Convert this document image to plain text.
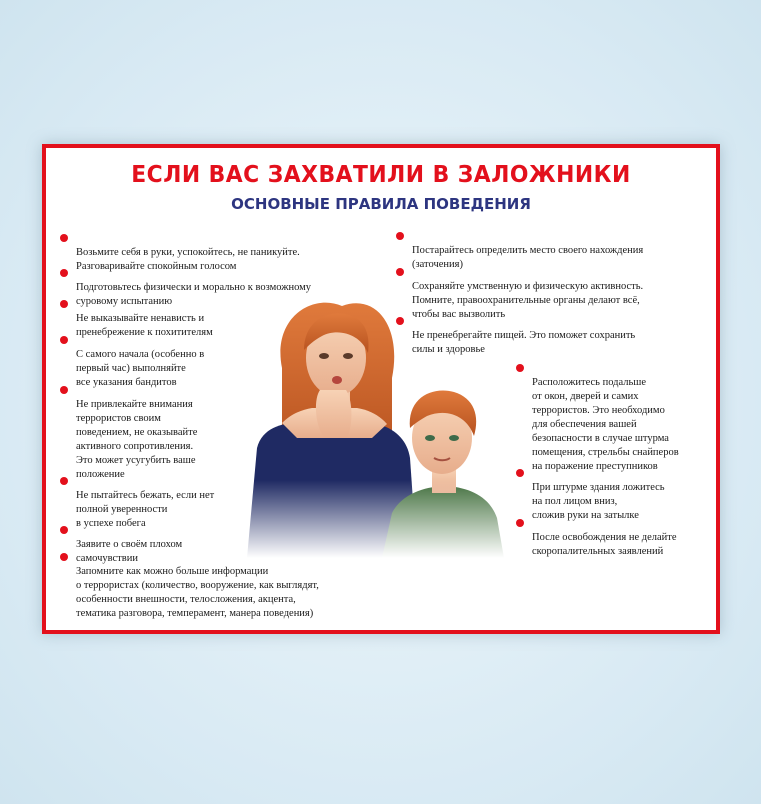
ЕСЛИ ВАС ЗАХВАТИЛИ В ЗАЛОЖНИКИ
ОСНОВНЫЕ ПРАВИЛА ПОВЕДЕНИЯ

Возьмите себя в руки, успокойтесь, не паникуйте.
Разговаривайте спокойным голосом

Подготовьтесь физически и морально к возможному
суровому испытанию

Не выказывайте ненависть и
пренебрежение к похитителям

С самого начала (особенно в
первый час) выполняйте
все указания бандитов

Не привлекайте внимания
террористов своим
поведением, не оказывайте
активного сопротивления.
Это может усугубить ваше
положение

Не пытайтесь бежать, если нет
полной уверенности
в успехе побега

Заявите о своём плохом
самочувствии

Запомните как можно больше информации
о террористах (количество, вооружение, как выглядят,
особенности внешности, телосложения, акцента,
тематика разговора, темперамент, манера поведения)

Постарайтесь определить место своего нахождения
(заточения)

Сохраняйте умственную и физическую активность.
Помните, правоохранительные органы делают всё,
чтобы вас вызволить

Не пренебрегайте пищей. Это поможет сохранить
силы и здоровье

Расположитесь подальше
от окон, дверей и самих
террористов. Это необходимо
для обеспечения вашей
безопасности в случае штурма
помещения, стрельбы снайперов
на поражение преступников

При штурме здания ложитесь
на пол лицом вниз,
сложив руки на затылке

После освобождения не делайте
скоропалительных заявлений
